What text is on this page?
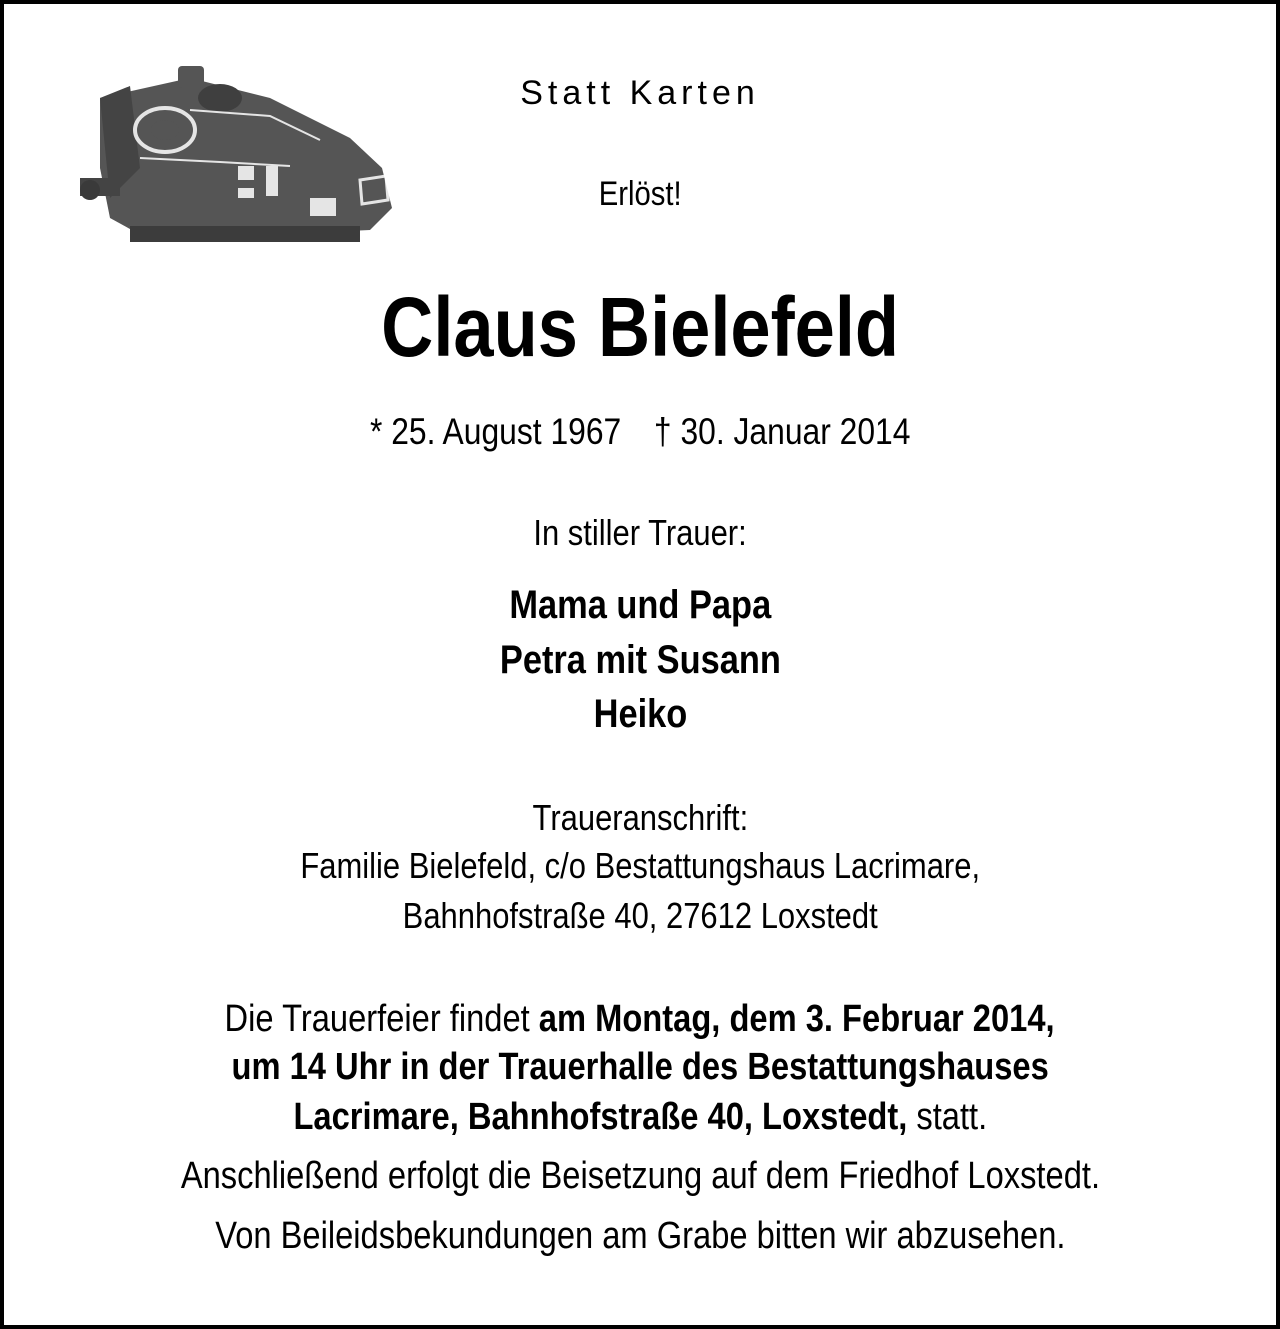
Statt Karten
Erlöst!
Claus Bielefeld
* 25. August 1967 † 30. Januar 2014
In stiller Trauer:
Mama und Papa
Petra mit Susann
Heiko
Traueranschrift:
Familie Bielefeld, c/o Bestattungshaus Lacrimare,
Bahnhofstraße 40, 27612 Loxstedt
Die Trauerfeier findet am Montag, dem 3. Februar 2014,
um 14 Uhr in der Trauerhalle des Bestattungshauses
Lacrimare, Bahnhofstraße 40, Loxstedt, statt.
Anschließend erfolgt die Beisetzung auf dem Friedhof Loxstedt.
Von Beileidsbekundungen am Grabe bitten wir abzusehen.
